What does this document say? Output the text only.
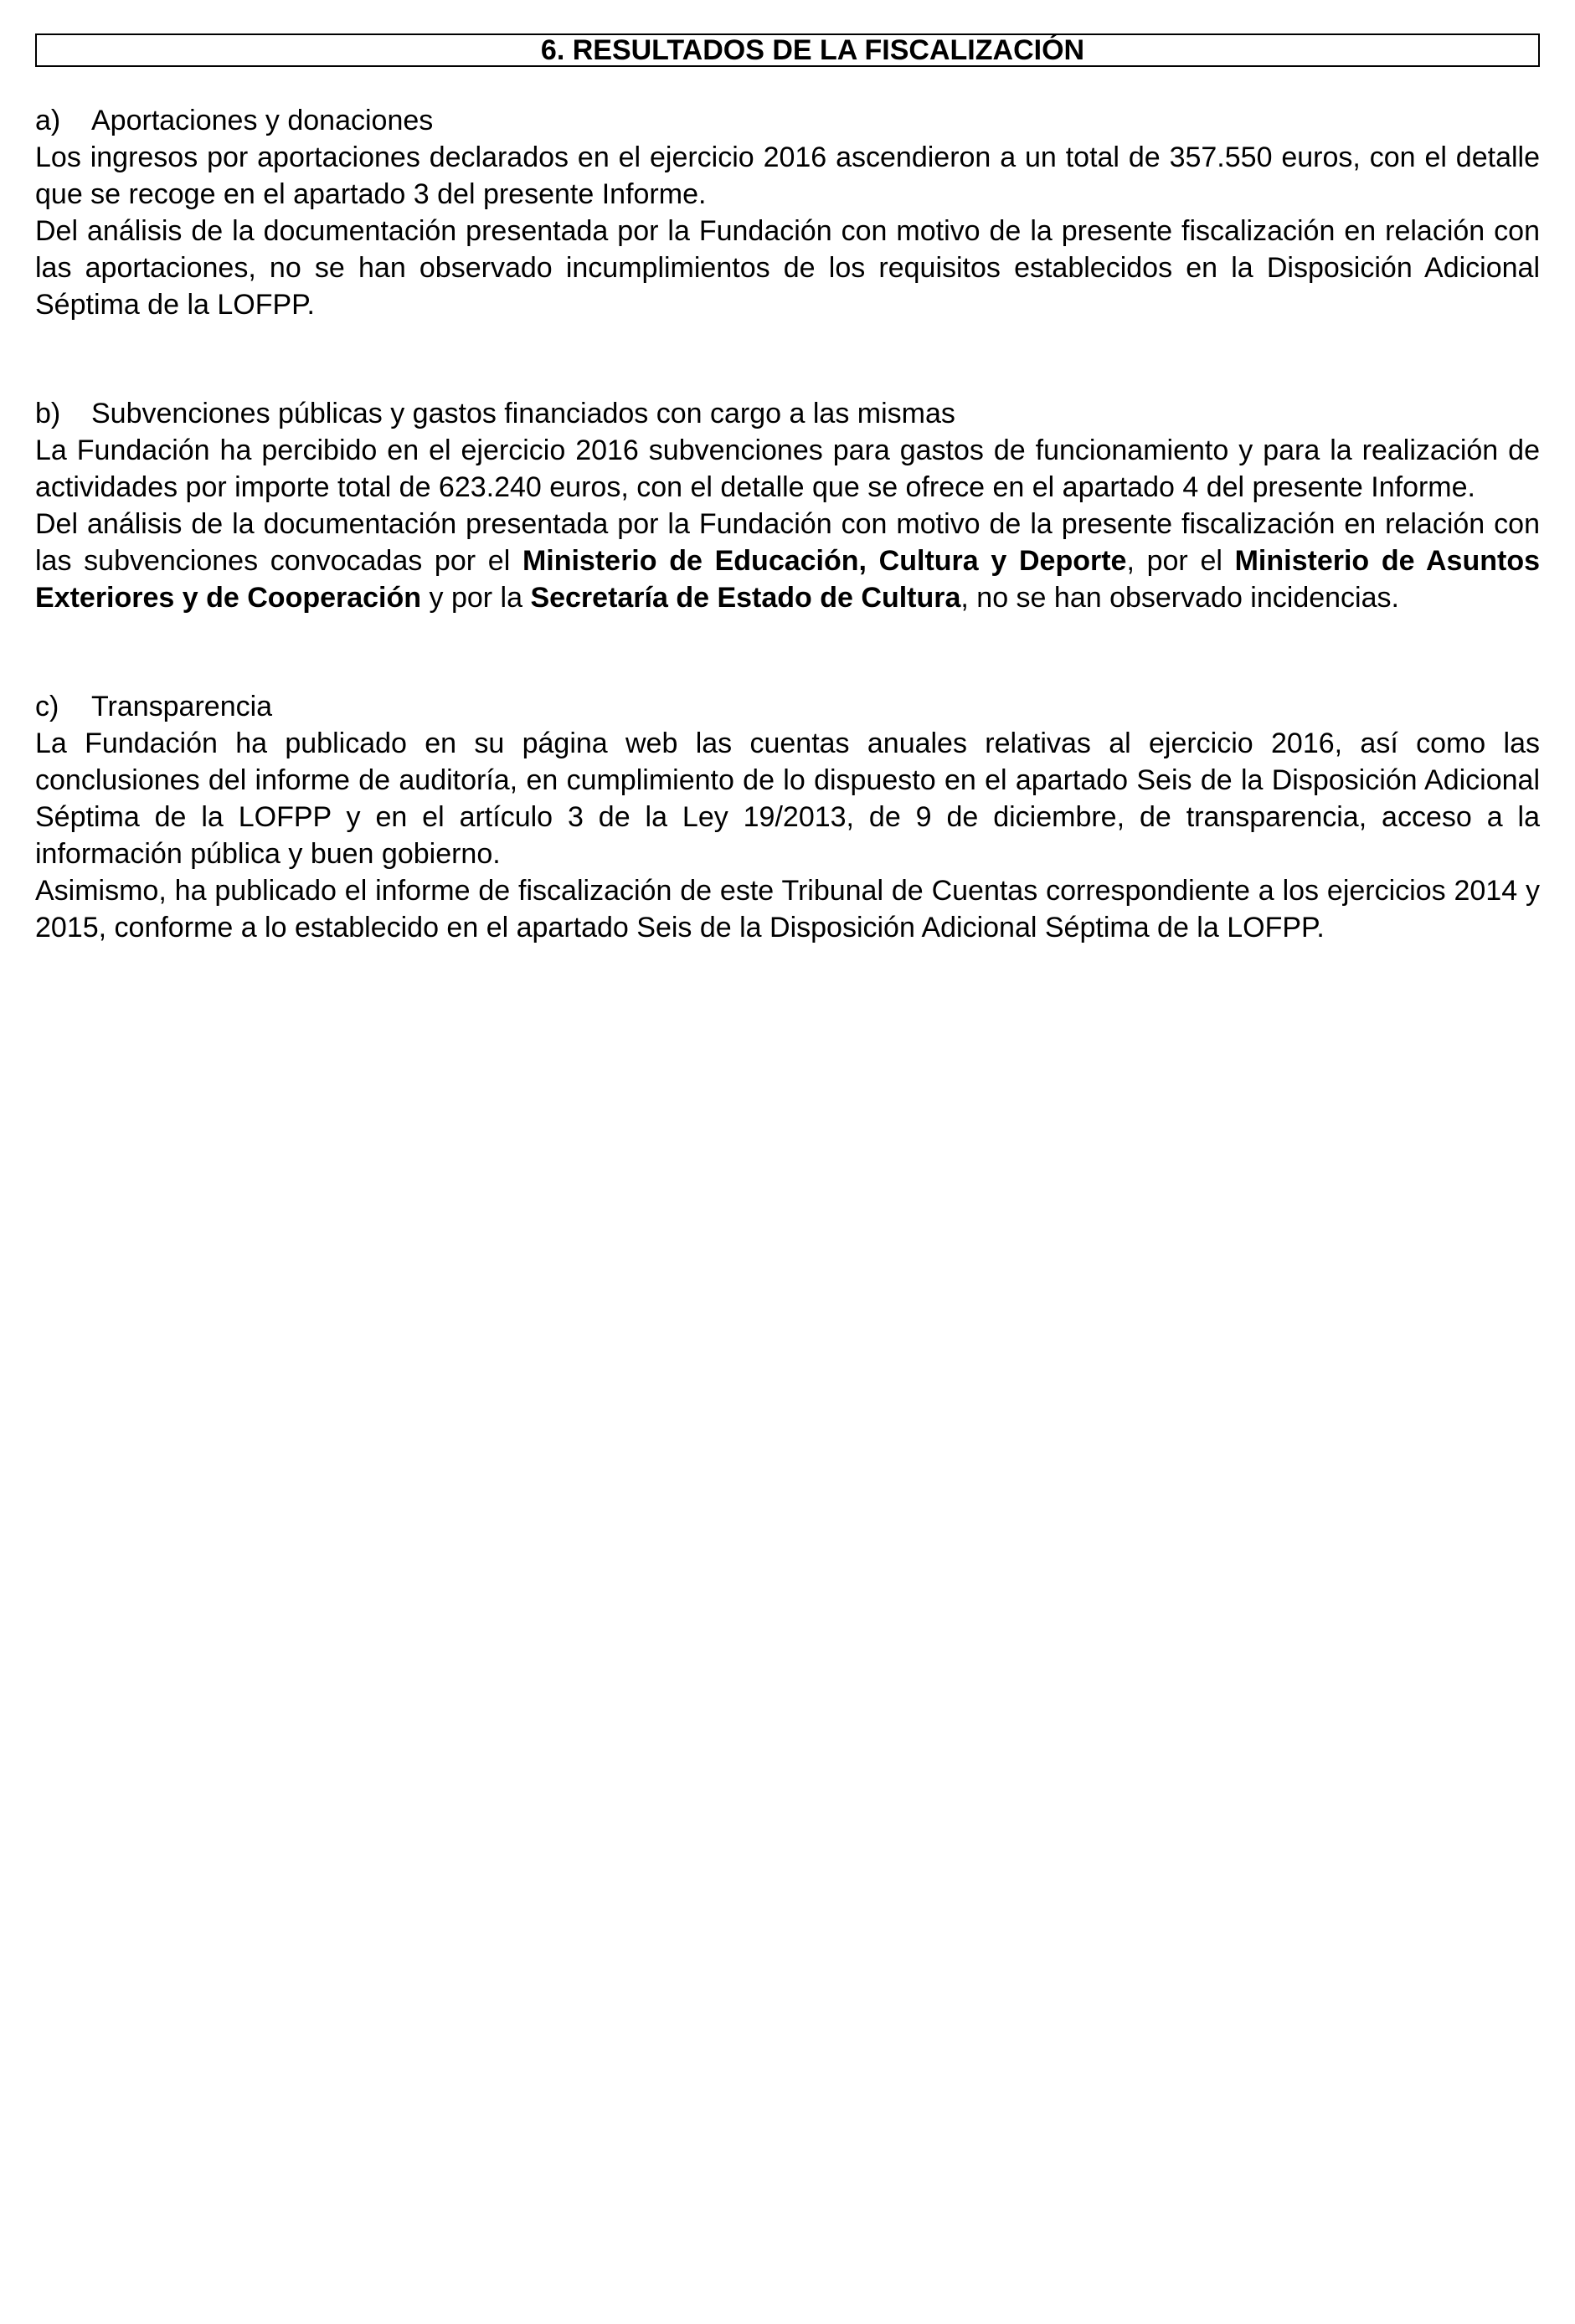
6. RESULTADOS DE LA FISCALIZACIÓN
a)	Aportaciones y donaciones

Los ingresos por aportaciones declarados en el ejercicio 2016 ascendieron a un total de 357.550 euros, con el detalle que se recoge en el apartado 3 del presente Informe.

Del análisis de la documentación presentada por la Fundación con motivo de la presente fiscalización en relación con las aportaciones, no se han observado incumplimientos de los requisitos establecidos en la Disposición Adicional Séptima de la LOFPP.

b)	Subvenciones públicas y gastos financiados con cargo a las mismas

La Fundación ha percibido en el ejercicio 2016 subvenciones para gastos de funcionamiento y para la realización de actividades por importe total de 623.240 euros, con el detalle que se ofrece en el apartado 4 del presente Informe.

Del análisis de la documentación presentada por la Fundación con motivo de la presente fiscalización en relación con las subvenciones convocadas por el Ministerio de Educación, Cultura y Deporte, por el Ministerio de Asuntos Exteriores y de Cooperación y por la Secretaría de Estado de Cultura, no se han observado incidencias.

c)	Transparencia

La Fundación ha publicado en su página web las cuentas anuales relativas al ejercicio 2016, así como las conclusiones del informe de auditoría, en cumplimiento de lo dispuesto en el apartado Seis de la Disposición Adicional Séptima de la LOFPP y en el artículo 3 de la Ley 19/2013, de 9 de diciembre, de transparencia, acceso a la información pública y buen gobierno.

Asimismo, ha publicado el informe de fiscalización de este Tribunal de Cuentas correspondiente a los ejercicios 2014 y 2015, conforme a lo establecido en el apartado Seis de la Disposición Adicional Séptima de la LOFPP.
